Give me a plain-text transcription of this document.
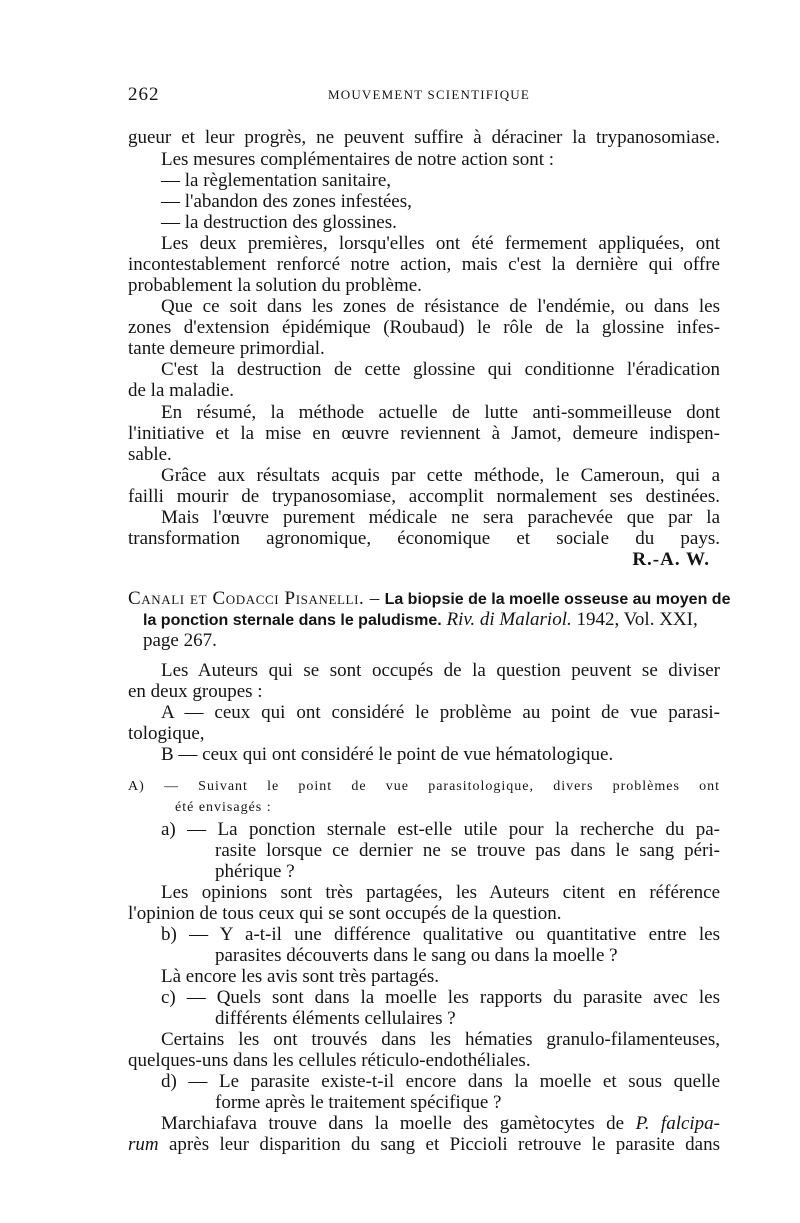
262	MOUVEMENT SCIENTIFIQUE
gueur et leur progrès, ne peuvent suffire à déraciner la trypanosomiase.
Les mesures complémentaires de notre action sont :
— la règlementation sanitaire,
— l'abandon des zones infestées,
— la destruction des glossines.
Les deux premières, lorsqu'elles ont été fermement appliquées, ont
incontestablement renforcé notre action, mais c'est la dernière qui offre
probablement la solution du problème.
Que ce soit dans les zones de résistance de l'endémie, ou dans les
zones d'extension épidémique (Roubaud) le rôle de la glossine infes-
tante demeure primordial.
C'est la destruction de cette glossine qui conditionne l'éradication
de la maladie.
En résumé, la méthode actuelle de lutte anti-sommeilleuse dont
l'initiative et la mise en œuvre reviennent à Jamot, demeure indispen-
sable.
Grâce aux résultats acquis par cette méthode, le Cameroun, qui a
failli mourir de trypanosomiase, accomplit normalement ses destinées.
Mais l'œuvre purement médicale ne sera parachevée que par la
transformation agronomique, économique et sociale du pays.
R.-A. W.
Canali et Codacci Pisanelli. – La biopsie de la moelle osseuse au moyen de
la ponction sternale dans le paludisme. Riv. di Malariol. 1942, Vol. XXI,
page 267.
Les Auteurs qui se sont occupés de la question peuvent se diviser
en deux groupes :
A — ceux qui ont considéré le problème au point de vue parasi-
tologique,
B — ceux qui ont considéré le point de vue hématologique.
A) — Suivant le point de vue parasitologique, divers problèmes ont
été envisagés :
a) — La ponction sternale est-elle utile pour la recherche du pa-
rasite lorsque ce dernier ne se trouve pas dans le sang péri-
phérique ?
Les opinions sont très partagées, les Auteurs citent en référence
l'opinion de tous ceux qui se sont occupés de la question.
b) — Y a-t-il une différence qualitative ou quantitative entre les
parasites découverts dans le sang ou dans la moelle ?
Là encore les avis sont très partagés.
c) — Quels sont dans la moelle les rapports du parasite avec les
différents éléments cellulaires ?
Certains les ont trouvés dans les hématies granulo-filamenteuses,
quelques-uns dans les cellules réticulo-endothéliales.
d) — Le parasite existe-t-il encore dans la moelle et sous quelle
forme après le traitement spécifique ?
Marchiafava trouve dans la moelle des gamètocytes de P. falcipa-
rum après leur disparition du sang et Piccioli retrouve le parasite dans
